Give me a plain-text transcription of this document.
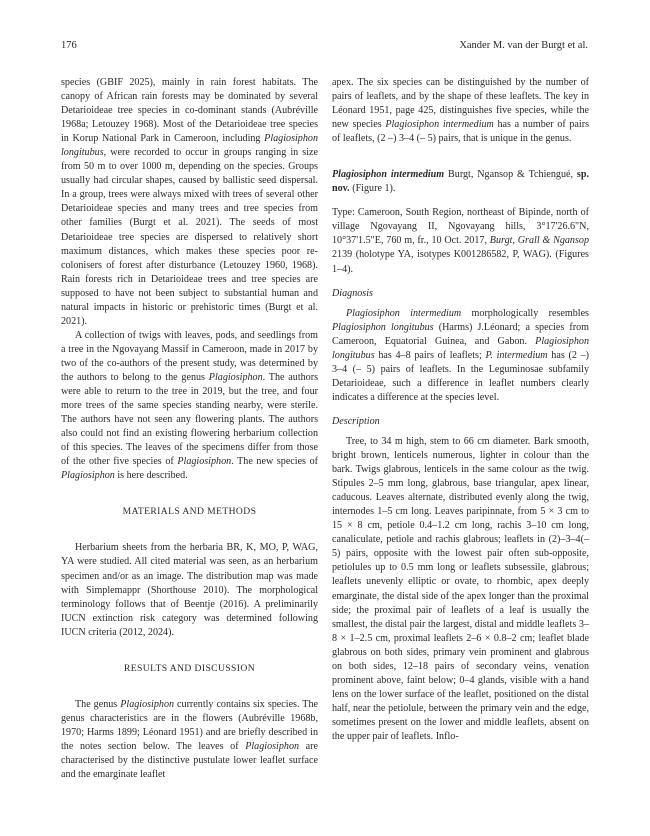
176	Xander M. van der Burgt et al.

species (GBIF 2025), mainly in rain forest habitats. The canopy of African rain forests may be dominated by several Detarioideae tree species in co-dominant stands (Aubréville 1968a; Letouzey 1968). Most of the Detarioideae tree species in Korup National Park in Cameroon, including Plagiosiphon longitubus, were recorded to occur in groups ranging in size from 50 m to over 1000 m, depending on the species. Groups usually had circular shapes, caused by ballistic seed dispersal. In a group, trees were always mixed with trees of several other Detarioideae species and many trees and tree species from other families (Burgt et al. 2021). The seeds of most Detarioideae tree species are dispersed to relatively short maximum distances, which makes these species poor re-colonisers of forest after disturbance (Letouzey 1960, 1968). Rain forests rich in Detarioideae trees and tree species are supposed to have not been subject to substantial human and natural impacts in historic or prehistoric times (Burgt et al. 2021).

A collection of twigs with leaves, pods, and seedlings from a tree in the Ngovayang Massif in Cameroon, made in 2017 by two of the co-authors of the present study, was determined by the authors to belong to the genus Plagiosiphon. The authors were able to return to the tree in 2019, but the tree, and four more trees of the same species standing nearby, were sterile. The authors have not seen any flowering plants. The authors also could not find an existing flowering herbarium collection of this species. The leaves of the specimens differ from those of the other five species of Plagiosiphon. The new species of Plagiosiphon is here described.

MATERIALS AND METHODS

Herbarium sheets from the herbaria BR, K, MO, P, WAG, YA were studied. All cited material was seen, as an herbarium specimen and/or as an image. The distribution map was made with Simplemappr (Shorthouse 2010). The morphological terminology follows that of Beentje (2016). A preliminarily IUCN extinction risk category was determined following IUCN criteria (2012, 2024).

RESULTS AND DISCUSSION

The genus Plagiosiphon currently contains six species. The genus characteristics are in the flowers (Aubréville 1968b, 1970; Harms 1899; Léonard 1951) and are briefly described in the notes section below. The leaves of Plagiosiphon are characterised by the distinctive pustulate lower leaflet surface and the emarginate leaflet

apex. The six species can be distinguished by the number of pairs of leaflets, and by the shape of these leaflets. The key in Léonard 1951, page 425, distinguishes five species, while the new species Plagiosiphon intermedium has a number of pairs of leaflets, (2 –) 3–4 (– 5) pairs, that is unique in the genus.

Plagiosiphon intermedium Burgt, Ngansop & Tchiengué, sp. nov. (Figure 1).

Type: Cameroon, South Region, northeast of Bipinde, north of village Ngovayang II, Ngovayang hills, 3°17'26.6"N, 10°37'1.5"E, 760 m, fr., 10 Oct. 2017, Burgt, Grall & Ngansop 2139 (holotype YA, isotypes K001286582, P, WAG). (Figures 1–4).

Diagnosis

Plagiosiphon intermedium morphologically resembles Plagiosiphon longitubus (Harms) J.Léonard; a species from Cameroon, Equatorial Guinea, and Gabon. Plagiosiphon longitubus has 4–8 pairs of leaflets; P. intermedium has (2 –) 3–4 (– 5) pairs of leaflets. In the Leguminosae subfamily Detarioideae, such a difference in leaflet numbers clearly indicates a difference at the species level.

Description

Tree, to 34 m high, stem to 66 cm diameter. Bark smooth, bright brown, lenticels numerous, lighter in colour than the bark. Twigs glabrous, lenticels in the same colour as the twig. Stipules 2–5 mm long, glabrous, base triangular, apex linear, caducous. Leaves alternate, distributed evenly along the twig, internodes 1–5 cm long. Leaves paripinnate, from 5 × 3 cm to 15 × 8 cm, petiole 0.4–1.2 cm long, rachis 3–10 cm long, canaliculate, petiole and rachis glabrous; leaflets in (2)–3–4(–5) pairs, opposite with the lowest pair often sub-opposite, petiolules up to 0.5 mm long or leaflets subsessile, glabrous; leaflets unevenly elliptic or ovate, to rhombic, apex deeply emarginate, the distal side of the apex longer than the proximal side; the proximal pair of leaflets of a leaf is usually the smallest, the distal pair the largest, distal and middle leaflets 3–8 × 1–2.5 cm, proximal leaflets 2–6 × 0.8–2 cm; leaflet blade glabrous on both sides, primary vein prominent and glabrous on both sides, 12–18 pairs of secondary veins, venation prominent above, faint below; 0–4 glands, visible with a hand lens on the lower surface of the leaflet, positioned on the distal half, near the petiolule, between the primary vein and the edge, sometimes present on the lower and middle leaflets, absent on the upper pair of leaflets. Inflo-
